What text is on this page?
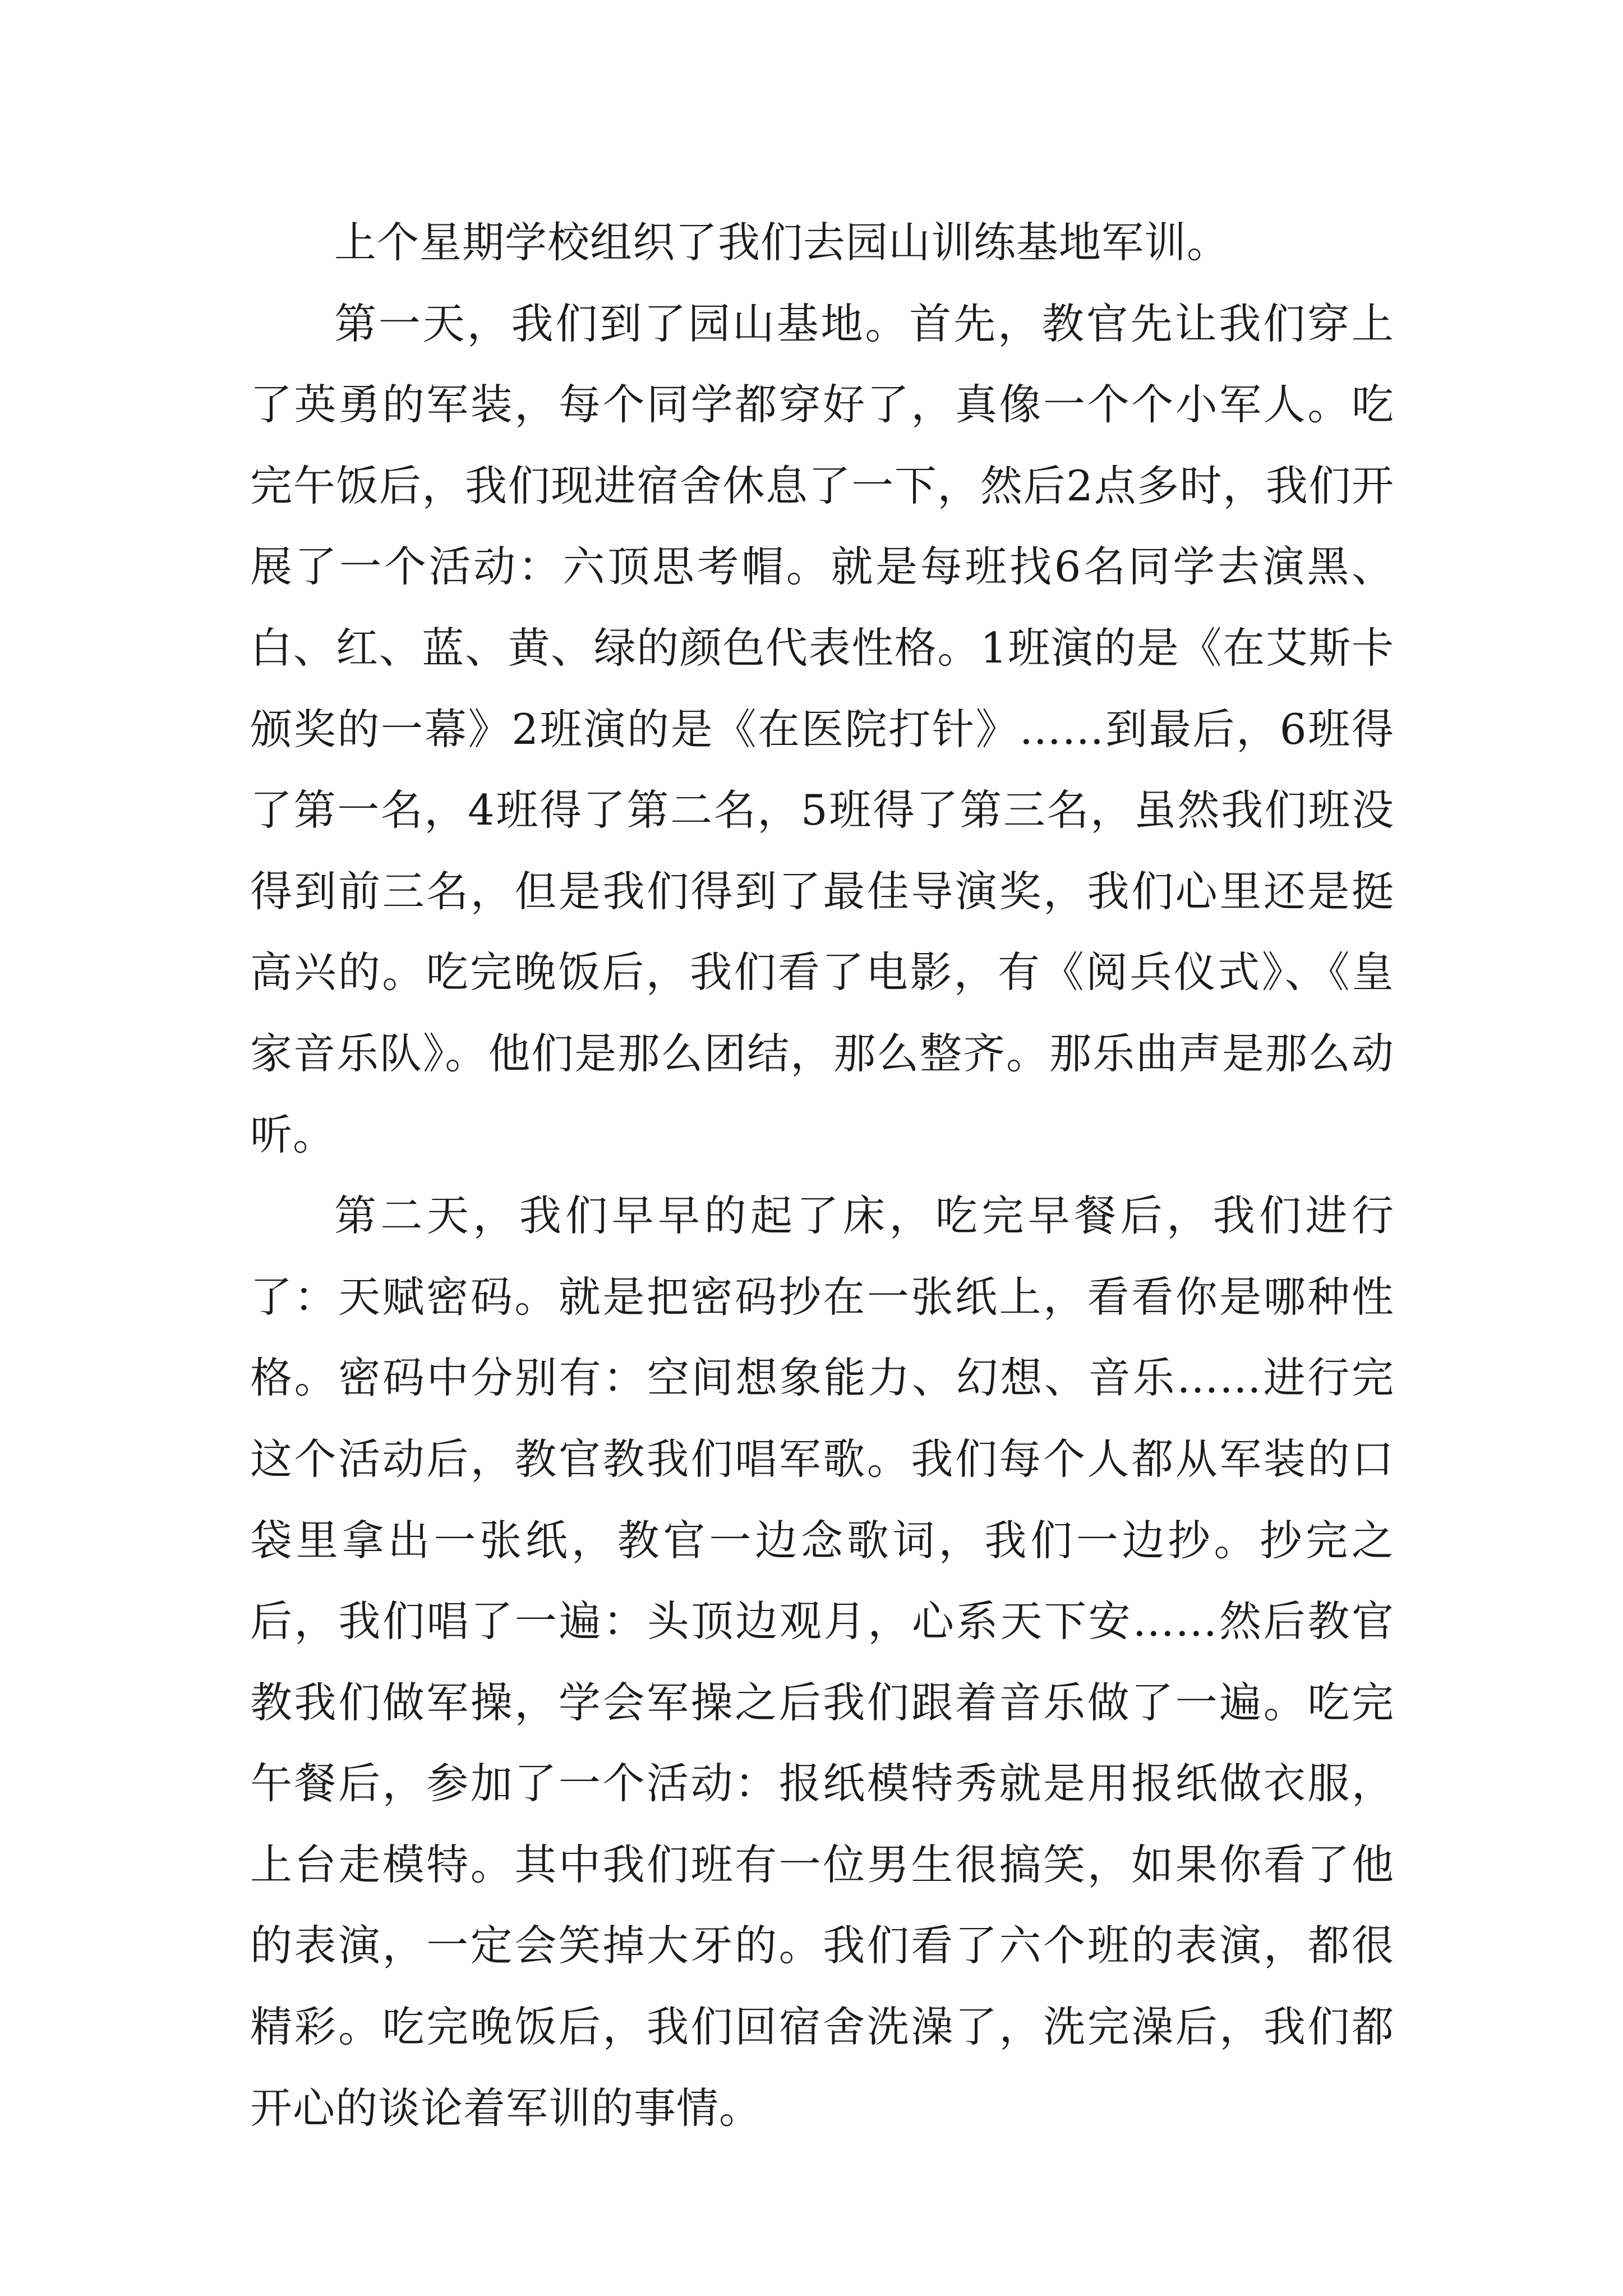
上个星期学校组织了我们去园山训练基地军训。

第一天，我们到了园山基地。首先，教官先让我们穿上了英勇的军装，每个同学都穿好了，真像一个个小军人。吃完午饭后，我们现进宿舍休息了一下，然后2点多时，我们开展了一个活动：六顶思考帽。就是每班找6名同学去演黑、白、红、蓝、黄、绿的颜色代表性格。1班演的是《在艾斯卡颁奖的一幕》2班演的是《在医院打针》……到最后，6班得了第一名，4班得了第二名，5班得了第三名，虽然我们班没得到前三名，但是我们得到了最佳导演奖，我们心里还是挺高兴的。吃完晚饭后，我们看了电影，有《阅兵仪式》、《皇家音乐队》。他们是那么团结，那么整齐。那乐曲声是那么动听。

第二天，我们早早的起了床，吃完早餐后，我们进行了：天赋密码。就是把密码抄在一张纸上，看看你是哪种性格。密码中分别有：空间想象能力、幻想、音乐……进行完这个活动后，教官教我们唱军歌。我们每个人都从军装的口袋里拿出一张纸，教官一边念歌词，我们一边抄。抄完之后，我们唱了一遍：头顶边观月，心系天下安……然后教官教我们做军操，学会军操之后我们跟着音乐做了一遍。吃完午餐后，参加了一个活动：报纸模特秀就是用报纸做衣服，上台走模特。其中我们班有一位男生很搞笑，如果你看了他的表演，一定会笑掉大牙的。我们看了六个班的表演，都很精彩。吃完晚饭后，我们回宿舍洗澡了，洗完澡后，我们都开心的谈论着军训的事情。
